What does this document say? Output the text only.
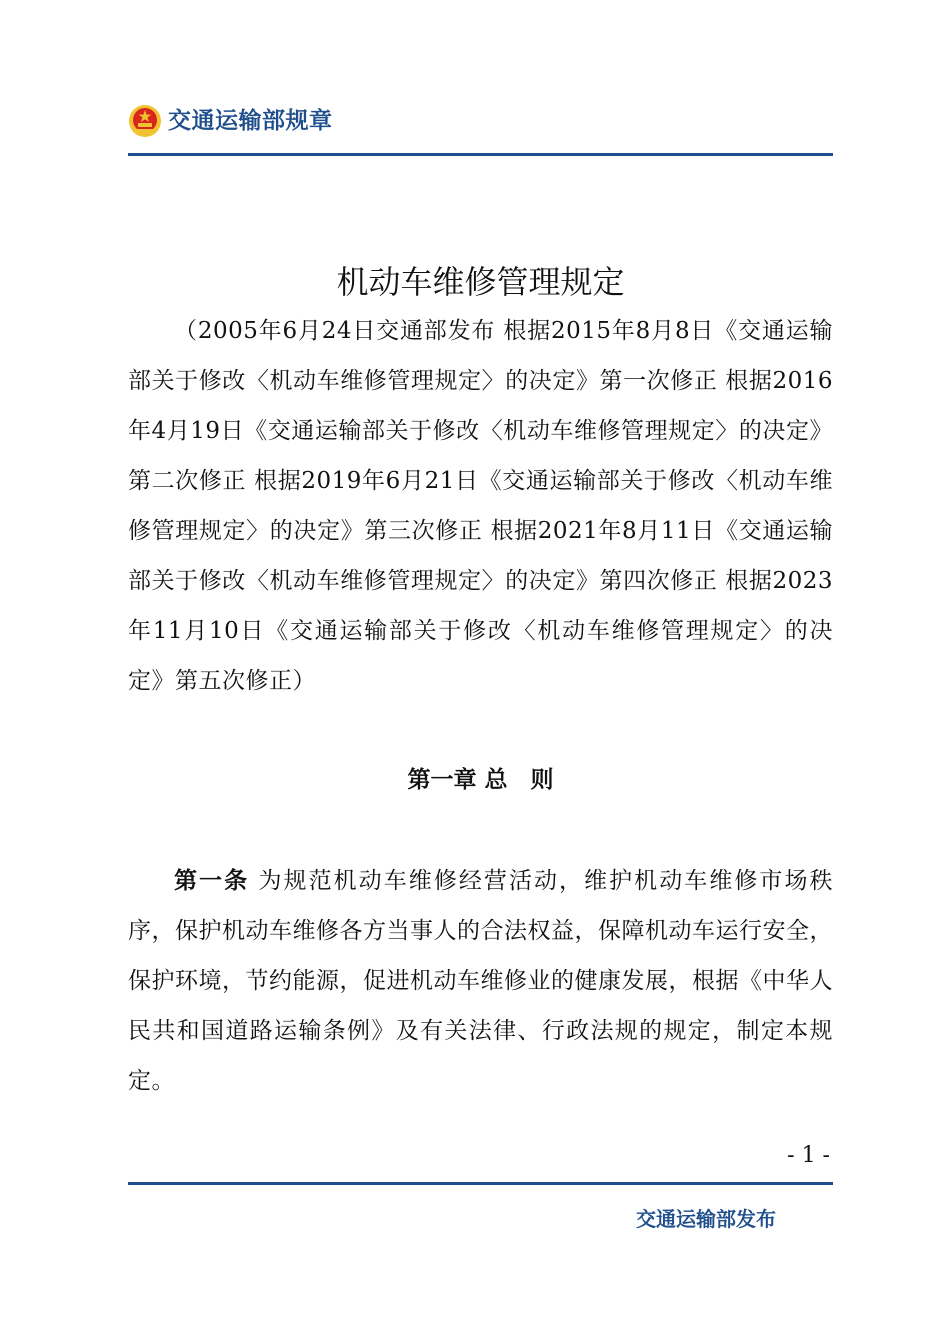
交通运输部规章
机动车维修管理规定

（2005年6月24日交通部发布 根据2015年8月8日《交通运输部关于修改〈机动车维修管理规定〉的决定》第一次修正 根据2016年4月19日《交通运输部关于修改〈机动车维修管理规定〉的决定》第二次修正 根据2019年6月21日《交通运输部关于修改〈机动车维修管理规定〉的决定》第三次修正 根据2021年8月11日《交通运输部关于修改〈机动车维修管理规定〉的决定》第四次修正 根据2023年11月10日《交通运输部关于修改〈机动车维修管理规定〉的决定》第五次修正）

第一章 总　则

第一条 为规范机动车维修经营活动，维护机动车维修市场秩序，保护机动车维修各方当事人的合法权益，保障机动车运行安全，保护环境，节约能源，促进机动车维修业的健康发展，根据《中华人民共和国道路运输条例》及有关法律、行政法规的规定，制定本规定。

- 1 -
交通运输部发布
